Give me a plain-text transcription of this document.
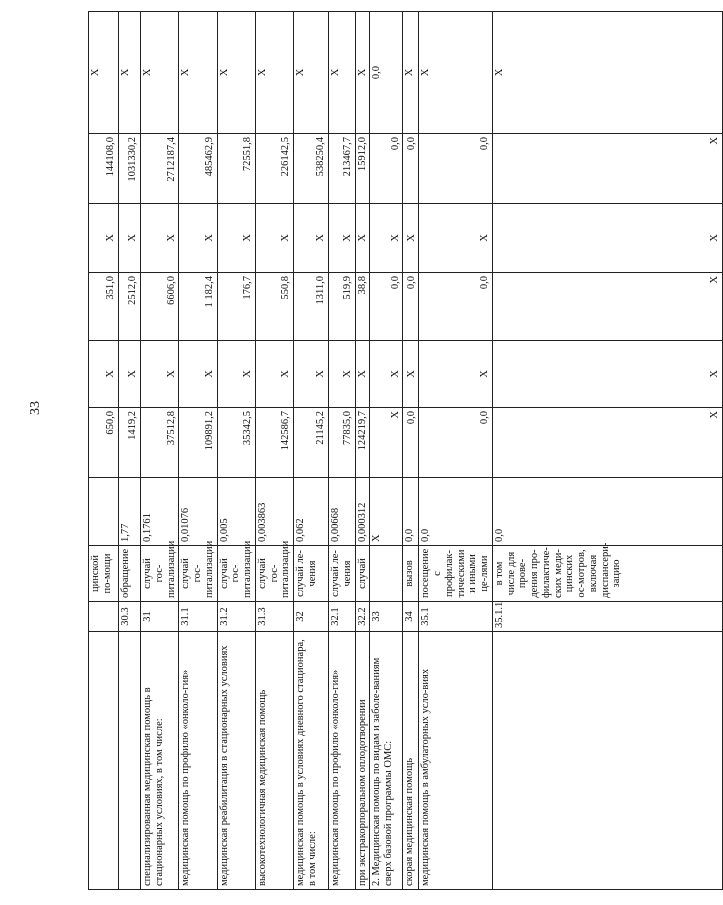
33
		цинской по-мощи		650,0	X	351,0	X	144108,0	X
	30.3	обращение	1,77	1419,2	X	2512,0	X	1031330,2	X
специализированная медицинская помощь в стационарных условиях, в том числе:	31	случай гос-питализации	0,1761	37512,8	X	6606,0	X	2712187,4	X
медицинская помощь по профилю «онколо-гия»	31.1	случай гос-питализации	0,01076	109891,2	X	1 182,4	X	485462,9	X
медицинская реабилитация в стационарных условиях	31.2	случай гос-питализации	0,005	35342,5	X	176,7	X	72551,8	X
высокотехнологичная медицинская помощь	31.3	случай гос-питализации	0,003863	142586,7	X	550,8	X	226142,5	X
медицинская помощь в условиях дневного стационара, в том числе:	32	случай ле-чения	0,062	21145,2	X	1311,0	X	538250,4	X
медицинская помощь по профилю «онколо-гия»	32.1	случай ле-чения	0,00668	77835,0	X	519,9	X	213467,7	X
при экстракорпоральном оплодотворении	32.2	случай	0,000312	124219,7	X	38,8	X	15912,0	X
2. Медицинская помощь по видам и заболе-ваниям сверх базовой программы ОМС:	33		X	X	X	0,0	X	0,0	0,0
скорая медицинская помощь	34	вызов	0,0	0,0	X	0,0	X	0,0	X
медицинская помощь в амбулаторных усло-виях	35.1	посещение с профилак-тическими и иными це-лями	0,0	0,0	X	0,0	X	0,0	X
	35.1.1	в том числе для прове-дения про-филактиче-ских меди-цинских ос-мотров, включая диспансери-зацию	0,0	X	X	X	X	X	X
